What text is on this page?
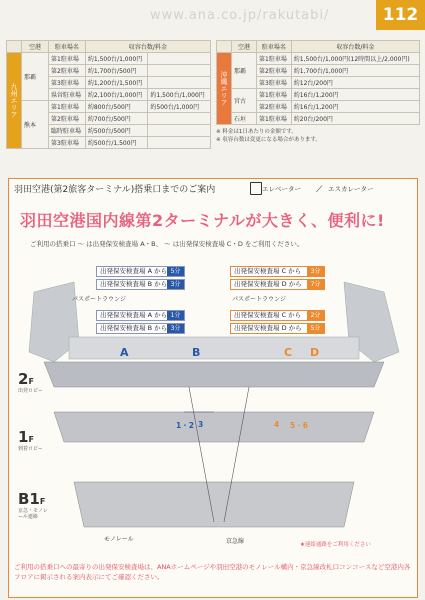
www.ana.co.jp/rakutabi/	112
	空港	駐車場名	収容台数/料金	
九州エリア	那覇	第1駐車場	約1,500台/1,000円	
		第2駐車場	約1,700台/500円	
		第3駐車場	約1,200台/1,500円	
		県営駐車場	約2,100台/1,000円	約1,500台/1,000円
	熊本	第1駐車場	約800台/500円	約500台/1,000円
		第2駐車場	約700台/500円	
		臨時駐車場	約500台/500円	
		第3駐車場	約500台/1,500円	
	空港	駐車場名	収容台数/料金
沖縄エリア	那覇	第1駐車場	約1,500台/1,000円(12時間以上/2,000円)
		第2駐車場	約1,700台/1,000円
		第3駐車場	約12台/200円
	宮古	第1駐車場	約16台/1,200円
		第2駐車場	約16台/1,200円
	石垣	第1駐車場	約20台/200円
※ 料金は1日あたりの金額です。
※ 収容台数は変更になる場合があります。
羽田空港(第2旅客ターミナル)搭乗口までのご案内	エレベーター ⟋ エスカレーター
羽田空港国内線第2ターミナルが大きく、便利に!
ご利用の搭乗口 ～ は出発保安検査場 A・B、 ～ は出発保安検査場 C・D をご利用ください。
出発保安検査場 A から 5分
出発保安検査場 B から 3分
パスポートラウンジ
出発保安検査場 A から 1分
出発保安検査場 B から 3分
出発保安検査場 C から	3分
出発保安検査場 D から	7分
パスポートラウンジ
出発保安検査場 C から	2分
出発保安検査場 D から	5分
A	B	C D
2F
出発ロビー
1F
到着ロビー
B1F
京急・モノレール連絡
1・2 3	4 5・6
モノレール	京急線	★連絡通路をご利用ください
ご利用の搭乗口への最寄りの出発保安検査場は、ANAホームページや羽田空港のモノレール構内・京急線改札口コンコースなど空港内各フロアに掲示される案内表示にてご確認ください。
